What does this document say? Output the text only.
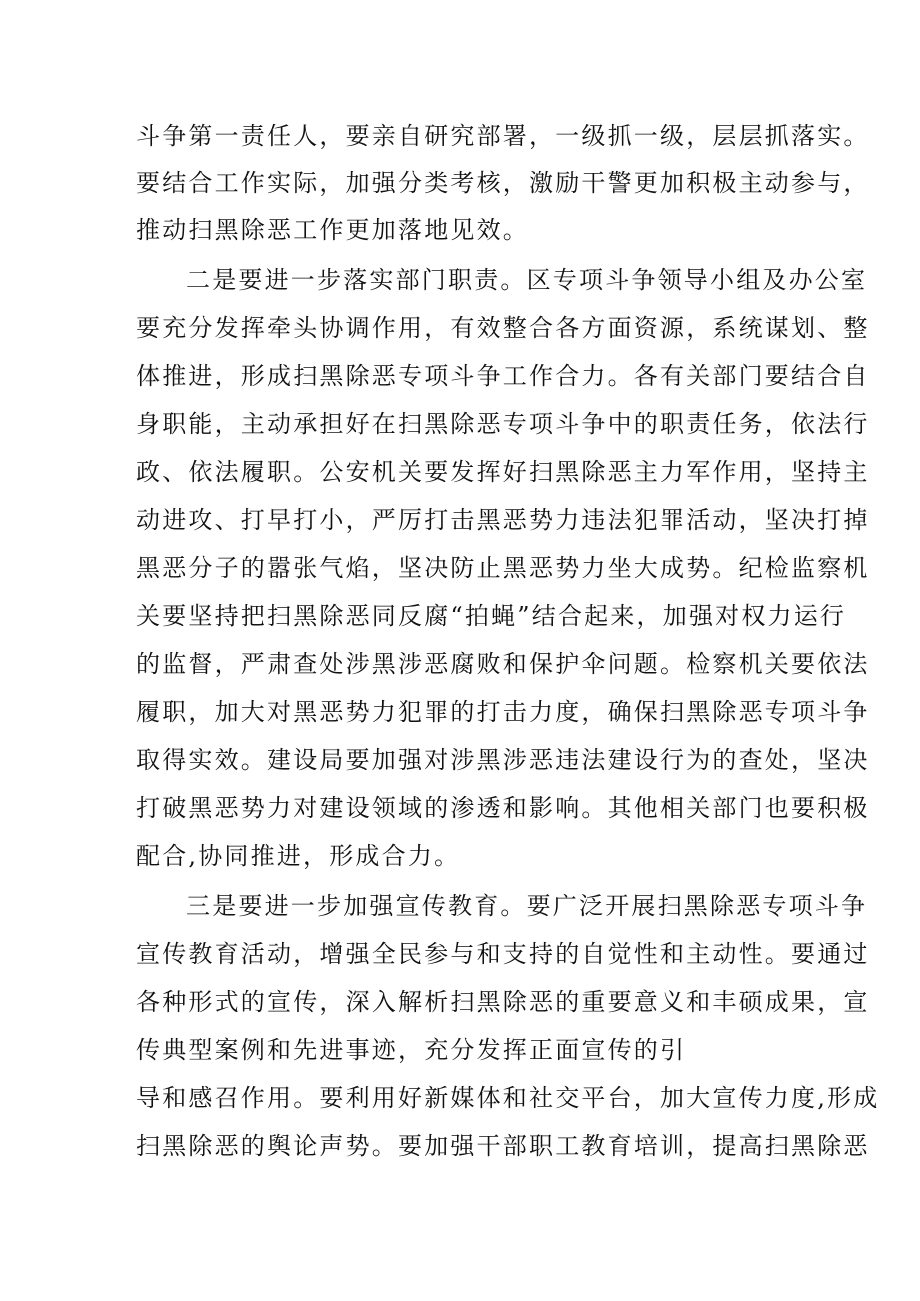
斗争第一责任人，要亲自研究部署，一级抓一级，层层抓落实。
要结合工作实际，加强分类考核，激励干警更加积极主动参与，
推动扫黑除恶工作更加落地见效。
二是要进一步落实部门职责。区专项斗争领导小组及办公室
要充分发挥牵头协调作用，有效整合各方面资源，系统谋划、整
体推进，形成扫黑除恶专项斗争工作合力。各有关部门要结合自
身职能，主动承担好在扫黑除恶专项斗争中的职责任务，依法行
政、依法履职。公安机关要发挥好扫黑除恶主力军作用，坚持主
动进攻、打早打小，严厉打击黑恶势力违法犯罪活动，坚决打掉
黑恶分子的嚣张气焰，坚决防止黑恶势力坐大成势。纪检监察机
关要坚持把扫黑除恶同反腐“拍蝇”结合起来，加强对权力运行
的监督，严肃查处涉黑涉恶腐败和保护伞问题。检察机关要依法
履职，加大对黑恶势力犯罪的打击力度，确保扫黑除恶专项斗争
取得实效。建设局要加强对涉黑涉恶违法建设行为的查处，坚决
打破黑恶势力对建设领域的渗透和影响。其他相关部门也要积极
配合,协同推进，形成合力。
三是要进一步加强宣传教育。要广泛开展扫黑除恶专项斗争
宣传教育活动，增强全民参与和支持的自觉性和主动性。要通过
各种形式的宣传，深入解析扫黑除恶的重要意义和丰硕成果，宣
传典型案例和先进事迹，充分发挥正面宣传的引
导和感召作用。要利用好新媒体和社交平台，加大宣传力度,形成
扫黑除恶的舆论声势。要加强干部职工教育培训，提高扫黑除恶
